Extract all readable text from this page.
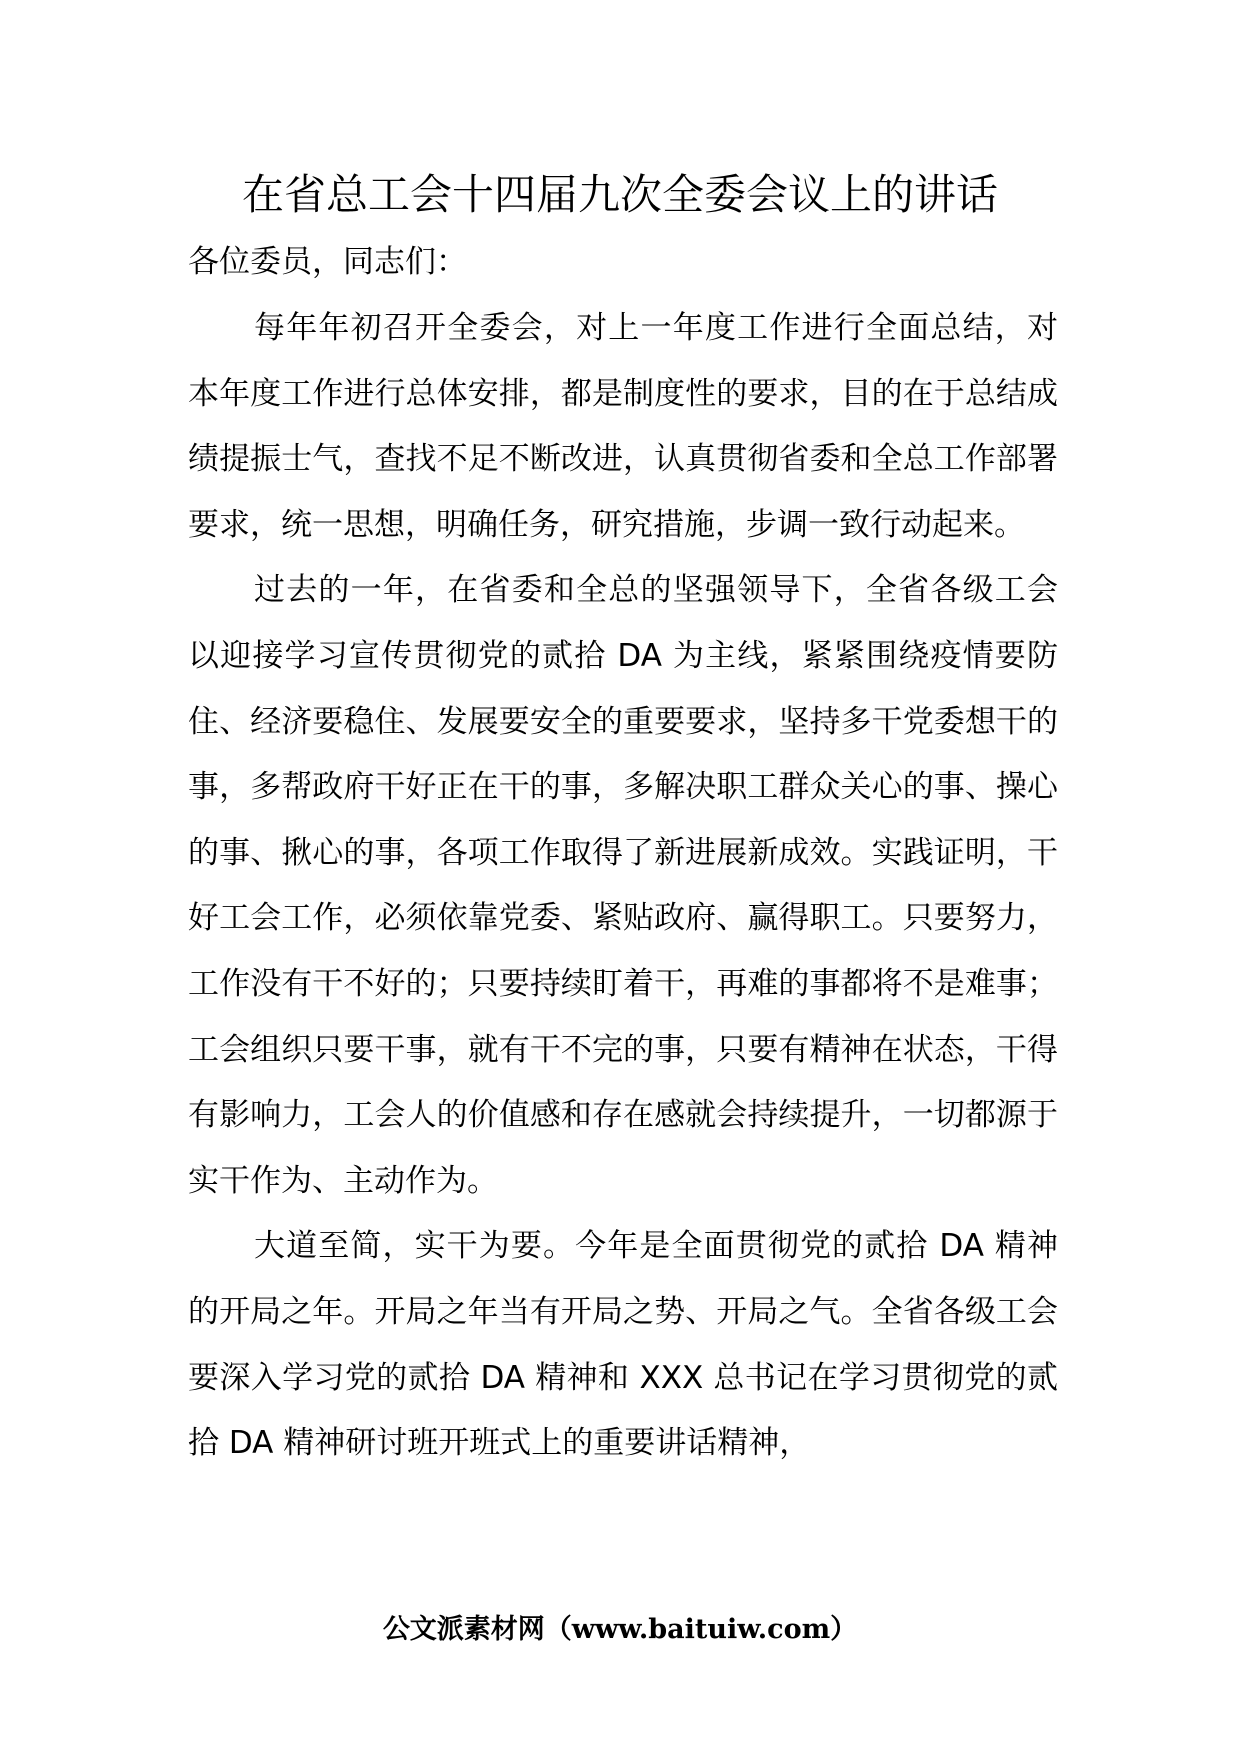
在省总工会十四届九次全委会议上的讲话

各位委员，同志们：

每年年初召开全委会，对上一年度工作进行全面总结，对本年度工作进行总体安排，都是制度性的要求，目的在于总结成绩提振士气，查找不足不断改进，认真贯彻省委和全总工作部署要求，统一思想，明确任务，研究措施，步调一致行动起来。

过去的一年，在省委和全总的坚强领导下，全省各级工会以迎接学习宣传贯彻党的贰拾 DA 为主线，紧紧围绕疫情要防住、经济要稳住、发展要安全的重要要求，坚持多干党委想干的事，多帮政府干好正在干的事，多解决职工群众关心的事、操心的事、揪心的事，各项工作取得了新进展新成效。实践证明，干好工会工作，必须依靠党委、紧贴政府、赢得职工。只要努力，工作没有干不好的；只要持续盯着干，再难的事都将不是难事；工会组织只要干事，就有干不完的事，只要有精神在状态，干得有影响力，工会人的价值感和存在感就会持续提升，一切都源于实干作为、主动作为。

大道至简，实干为要。今年是全面贯彻党的贰拾 DA 精神的开局之年。开局之年当有开局之势、开局之气。全省各级工会要深入学习党的贰拾 DA 精神和 XXX 总书记在学习贯彻党的贰拾 DA 精神研讨班开班式上的重要讲话精神，

公文派素材网（www.baituiw.com）
